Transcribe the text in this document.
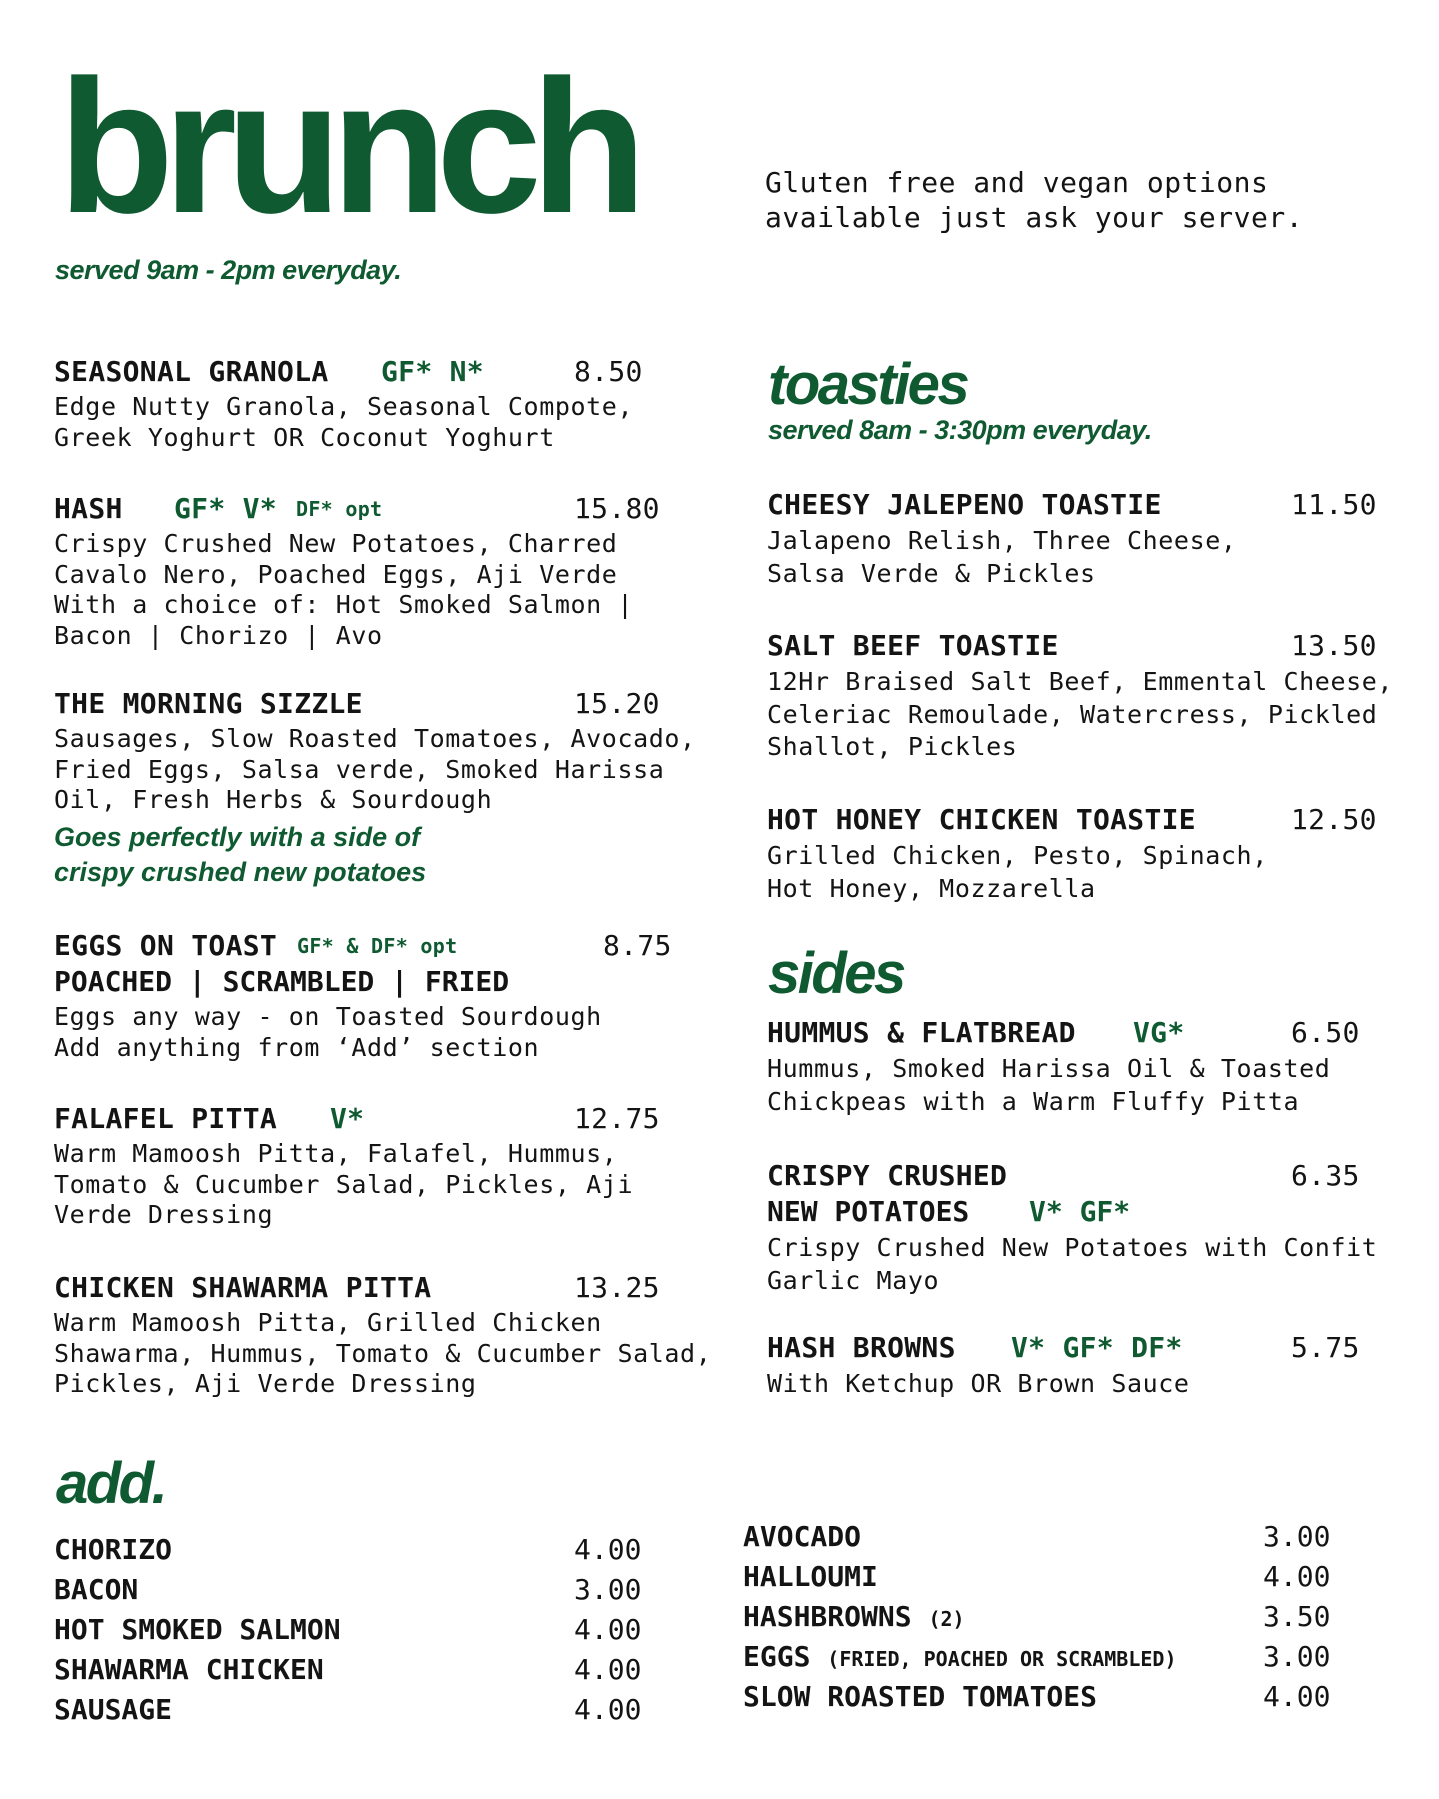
brunch
served 9am - 2pm everyday.
Gluten free and vegan options
available just ask your server.
SEASONAL GRANOLA GF* N*	8.50
Edge Nutty Granola, Seasonal Compote,
Greek Yoghurt OR Coconut Yoghurt
HASH GF* V* DF* opt	15.80
Crispy Crushed New Potatoes, Charred
Cavalo Nero, Poached Eggs, Aji Verde
With a choice of: Hot Smoked Salmon |
Bacon | Chorizo | Avo
THE MORNING SIZZLE	15.20
Sausages, Slow Roasted Tomatoes, Avocado,
Fried Eggs, Salsa verde, Smoked Harissa
Oil, Fresh Herbs & Sourdough
Goes perfectly with a side of
crispy crushed new potatoes
EGGS ON TOAST GF* & DF* opt	8.75
POACHED | SCRAMBLED | FRIED
Eggs any way - on Toasted Sourdough
Add anything from ‘Add’ section
FALAFEL PITTA V*	12.75
Warm Mamoosh Pitta, Falafel, Hummus,
Tomato & Cucumber Salad, Pickles, Aji
Verde Dressing
CHICKEN SHAWARMA PITTA	13.25
Warm Mamoosh Pitta, Grilled Chicken
Shawarma, Hummus, Tomato & Cucumber Salad,
Pickles, Aji Verde Dressing
toasties
served 8am - 3:30pm everyday.
CHEESY JALEPENO TOASTIE	11.50
Jalapeno Relish, Three Cheese,
Salsa Verde & Pickles
SALT BEEF TOASTIE	13.50
12Hr Braised Salt Beef, Emmental Cheese,
Celeriac Remoulade, Watercress, Pickled
Shallot, Pickles
HOT HONEY CHICKEN TOASTIE	12.50
Grilled Chicken, Pesto, Spinach,
Hot Honey, Mozzarella
sides
HUMMUS & FLATBREAD VG*	6.50
Hummus, Smoked Harissa Oil & Toasted
Chickpeas with a Warm Fluffy Pitta
CRISPY CRUSHED	6.35
NEW POTATOES V* GF*
Crispy Crushed New Potatoes with Confit
Garlic Mayo
HASH BROWNS V* GF* DF*	5.75
With Ketchup OR Brown Sauce
add.
CHORIZO	4.00
BACON	3.00
HOT SMOKED SALMON	4.00
SHAWARMA CHICKEN	4.00
SAUSAGE	4.00
AVOCADO	3.00
HALLOUMI	4.00
HASHBROWNS (2)	3.50
EGGS (FRIED, POACHED OR SCRAMBLED)	3.00
SLOW ROASTED TOMATOES	4.00
